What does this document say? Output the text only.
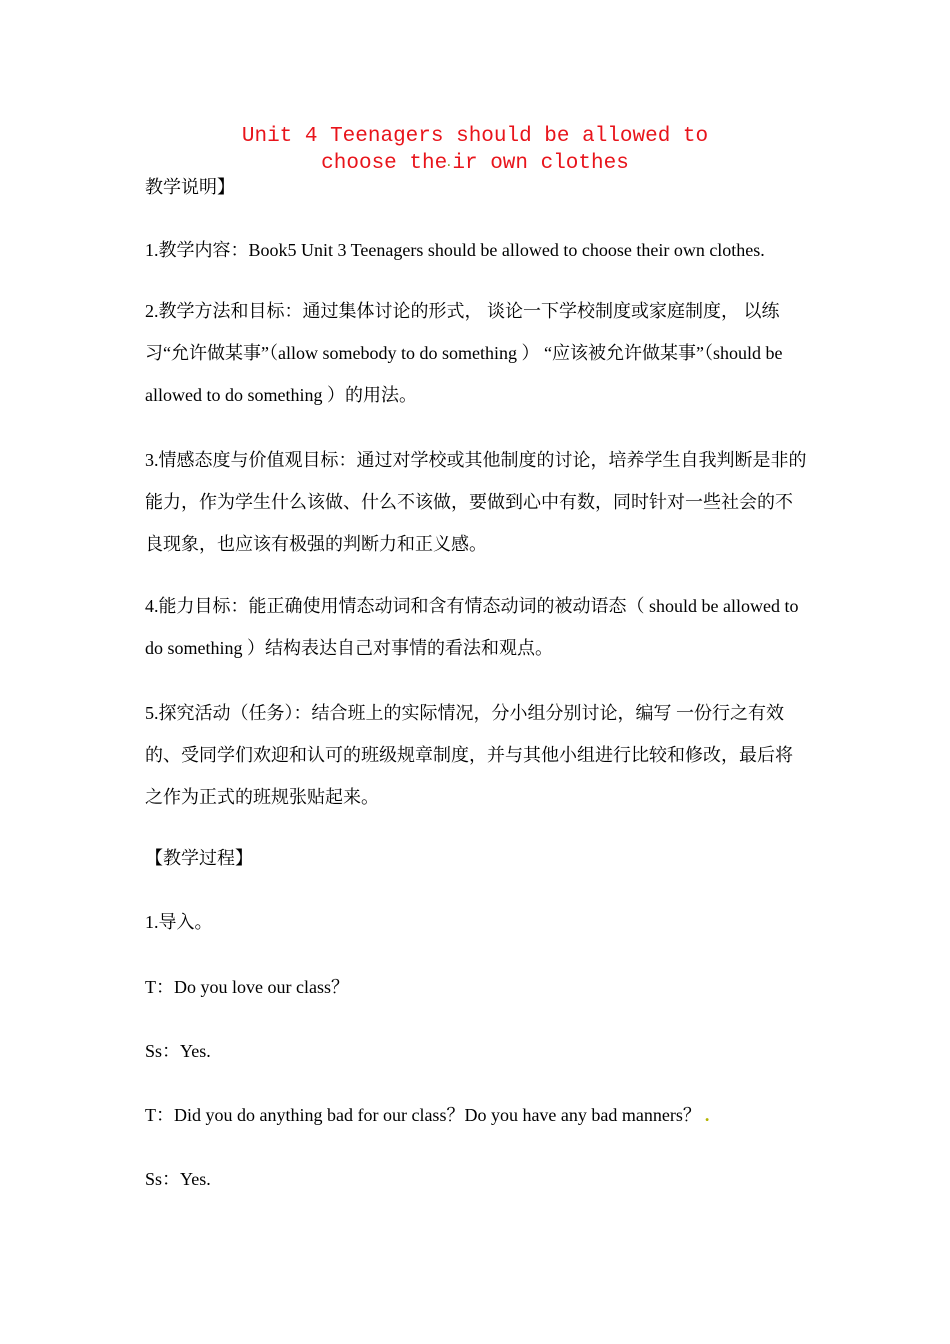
Unit 4 Teenagers should be allowed to
choose the.ir own clothes

教学说明】

1.教学内容：Book5 Unit 3 Teenagers should be allowed to choose their own clothes.

2.教学方法和目标：通过集体讨论的形式， 谈论一下学校制度或家庭制度， 以练习“允许做某事”（allow somebody to do something ） “应该被允许做某事”（should be allowed to do something ）的用法。

3.情感态度与价值观目标：通过对学校或其他制度的讨论，培养学生自我判断是非的能力，作为学生什么该做、什么不该做，要做到心中有数，同时针对一些社会的不良现象，也应该有极强的判断力和正义感。

4.能力目标：能正确使用情态动词和含有情态动词的被动语态（ should be allowed to do something ）结构表达自己对事情的看法和观点。

5.探究活动（任务）：结合班上的实际情况，分小组分别讨论，编写 一份行之有效的、受同学们欢迎和认可的班级规章制度，并与其他小组进行比较和修改，最后将之作为正式的班规张贴起来。

【教学过程】

1.导入。

T：Do you love our class？

Ss：Yes.

T：Did you do anything bad for our class？Do you have any bad manners？ .

Ss：Yes.
